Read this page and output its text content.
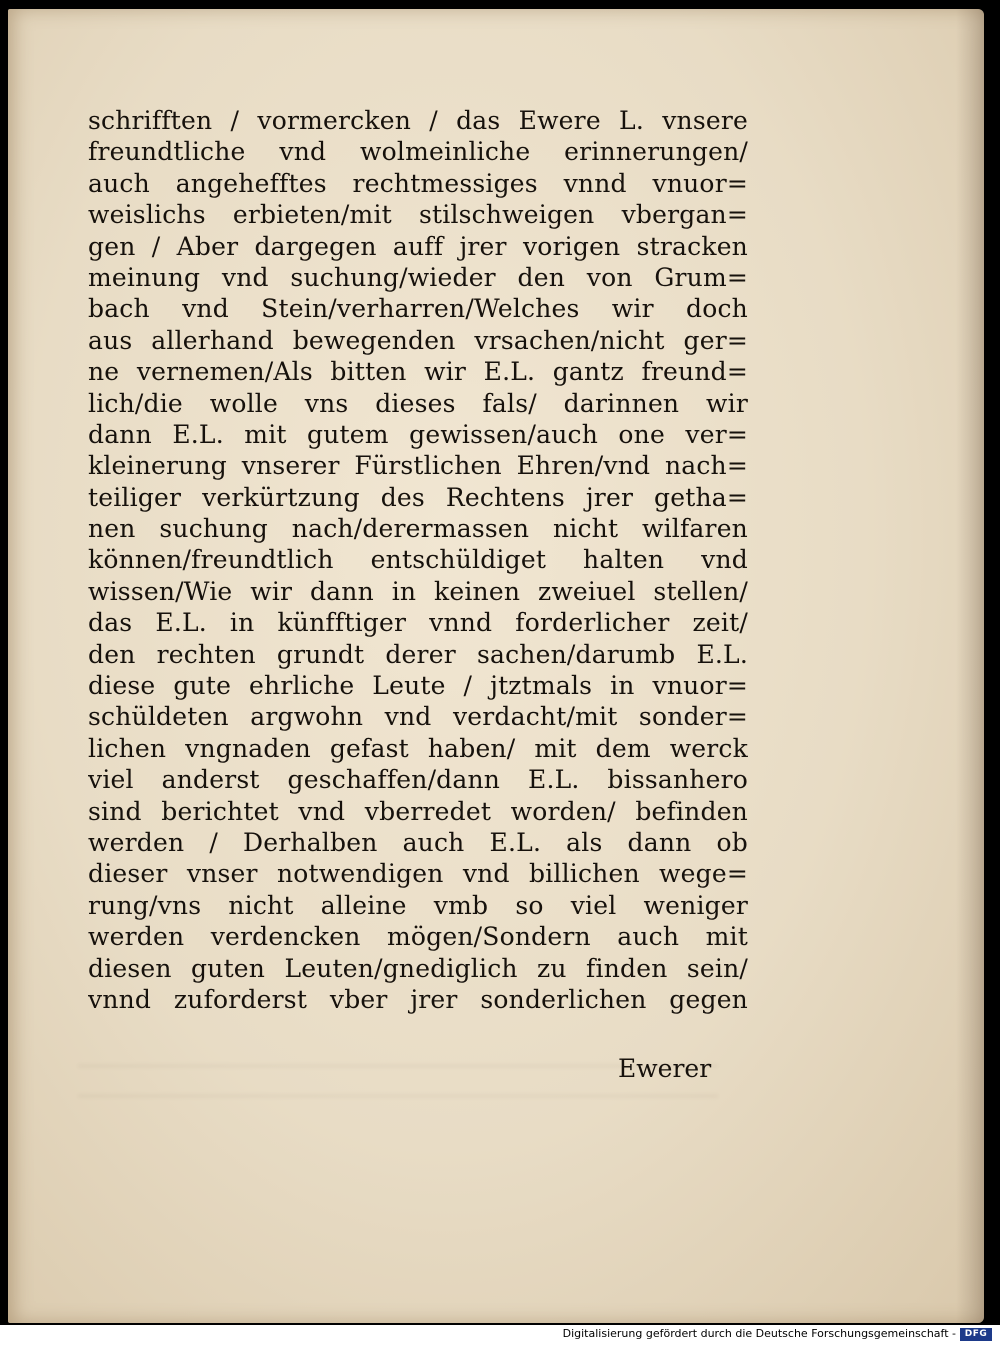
schrifften / vormercken / das Ewere L. vnsere
freundtliche vnd wolmeinliche erinnerungen/
auch angehefftes rechtmessiges vnnd vnuor=
weislichs erbieten/mit stilschweigen vbergan=
gen / Aber dargegen auff jrer vorigen stracken
meinung vnd suchung/wieder den von Grum=
bach vnd Stein/verharren/Welches wir doch
aus allerhand bewegenden vrsachen/nicht ger=
ne vernemen/Als bitten wir E.L. gantz freund=
lich/die wolle vns dieses fals/ darinnen wir
dann E.L. mit gutem gewissen/auch one ver=
kleinerung vnserer Fürstlichen Ehren/vnd nach=
teiliger verkürtzung des Rechtens jrer getha=
nen suchung nach/derermassen nicht wilfaren
können/freundtlich entschüldiget halten vnd
wissen/Wie wir dann in keinen zweiuel stellen/
das E.L. in künfftiger vnnd forderlicher zeit/
den rechten grundt derer sachen/darumb E.L.
diese gute ehrliche Leute / jtztmals in vnuor=
schüldeten argwohn vnd verdacht/mit sonder=
lichen vngnaden gefast haben/ mit dem werck
viel anderst geschaffen/dann E.L. bissanhero
sind berichtet vnd vberredet worden/ befinden
werden / Derhalben auch E.L. als dann ob
dieser vnser notwendigen vnd billichen wege=
rung/vns nicht alleine vmb so viel weniger
werden verdencken mögen/Sondern auch mit
diesen guten Leuten/gnediglich zu finden sein/
vnnd zuforderst vber jrer sonderlichen gegen
Ewerer
Digitalisierung gefördert durch die Deutsche Forschungsgemeinschaft - DFG
